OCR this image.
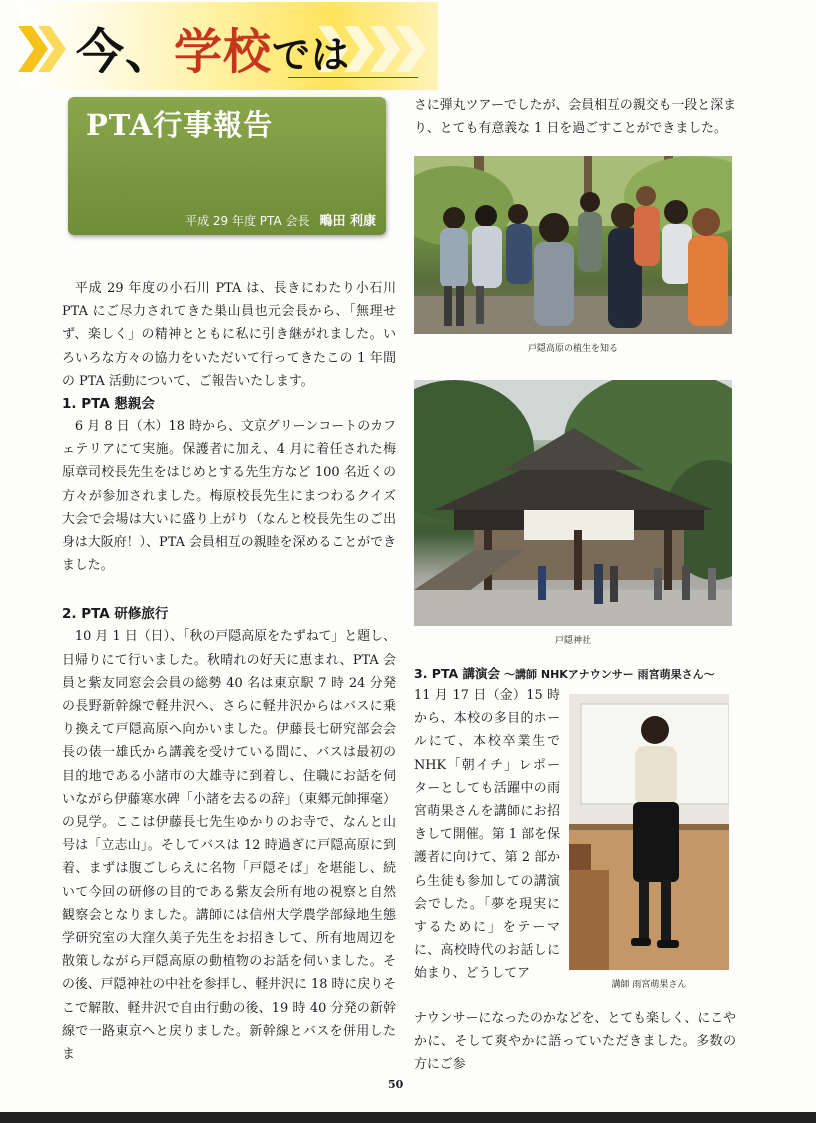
今、学校では
PTA行事報告
平成 29 年度 PTA 会長 鴫田 利康

平成 29 年度の小石川 PTA は、長きにわたり小石川 PTA にご尽力されてきた巣山員也元会長から、「無理せず、楽しく」の精神とともに私に引き継がれました。いろいろな方々の協力をいただいて行ってきたこの 1 年間の PTA 活動について、ご報告いたします。

1. PTA 懇親会

6 月 8 日（木）18 時から、文京グリーンコートのカフェテリアにて実施。保護者に加え、4 月に着任された梅原章司校長先生をはじめとする先生方など 100 名近くの方々が参加されました。梅原校長先生にまつわるクイズ大会で会場は大いに盛り上がり（なんと校長先生のご出身は大阪府！）、PTA 会員相互の親睦を深めることができました。

2. PTA 研修旅行

10 月 1 日（日）、「秋の戸隠高原をたずねて」と題し、日帰りにて行いました。秋晴れの好天に恵まれ、PTA 会員と紫友同窓会会員の総勢 40 名は東京駅 7 時 24 分発の長野新幹線で軽井沢へ、さらに軽井沢からはバスに乗り換えて戸隠高原へ向かいました。伊藤長七研究部会会長の俵一雄氏から講義を受けている間に、バスは最初の目的地である小諸市の大雄寺に到着し、住職にお話を伺いながら伊藤寒水碑「小諸を去るの辞」（東郷元帥揮毫）の見学。ここは伊藤長七先生ゆかりのお寺で、なんと山号は「立志山」。そしてバスは 12 時過ぎに戸隠高原に到着、まずは腹ごしらえに名物「戸隠そば」を堪能し、続いて今回の研修の目的である紫友会所有地の視察と自然観察会となりました。講師には信州大学農学部緑地生態学研究室の大窪久美子先生をお招きして、所有地周辺を散策しながら戸隠高原の動植物のお話を伺いました。その後、戸隠神社の中社を参拝し、軽井沢に 18 時に戻りそこで解散、軽井沢で自由行動の後、19 時 40 分発の新幹線で一路東京へと戻りました。新幹線とバスを併用したま

さに弾丸ツアーでしたが、会員相互の親交も一段と深まり、とても有意義な 1 日を過ごすことができました。

戸隠高原の植生を知る
戸隠神社
3. PTA 講演会 ～講師 NHKアナウンサー 雨宮萌果さん～

11 月 17 日（金）15 時から、本校の多目的ホールにて、本校卒業生で NHK「朝イチ」レポーターとしても活躍中の雨宮萌果さんを講師にお招きして開催。第 1 部を保護者に向けて、第 2 部から生徒も参加しての講演会でした。「夢を現実にするために」をテーマに、高校時代のお話しに始まり、どうしてア

講師 雨宮萌果さん

ナウンサーになったのかなどを、とても楽しく、にこやかに、そして爽やかに語っていただきました。多数の方にご参

50
